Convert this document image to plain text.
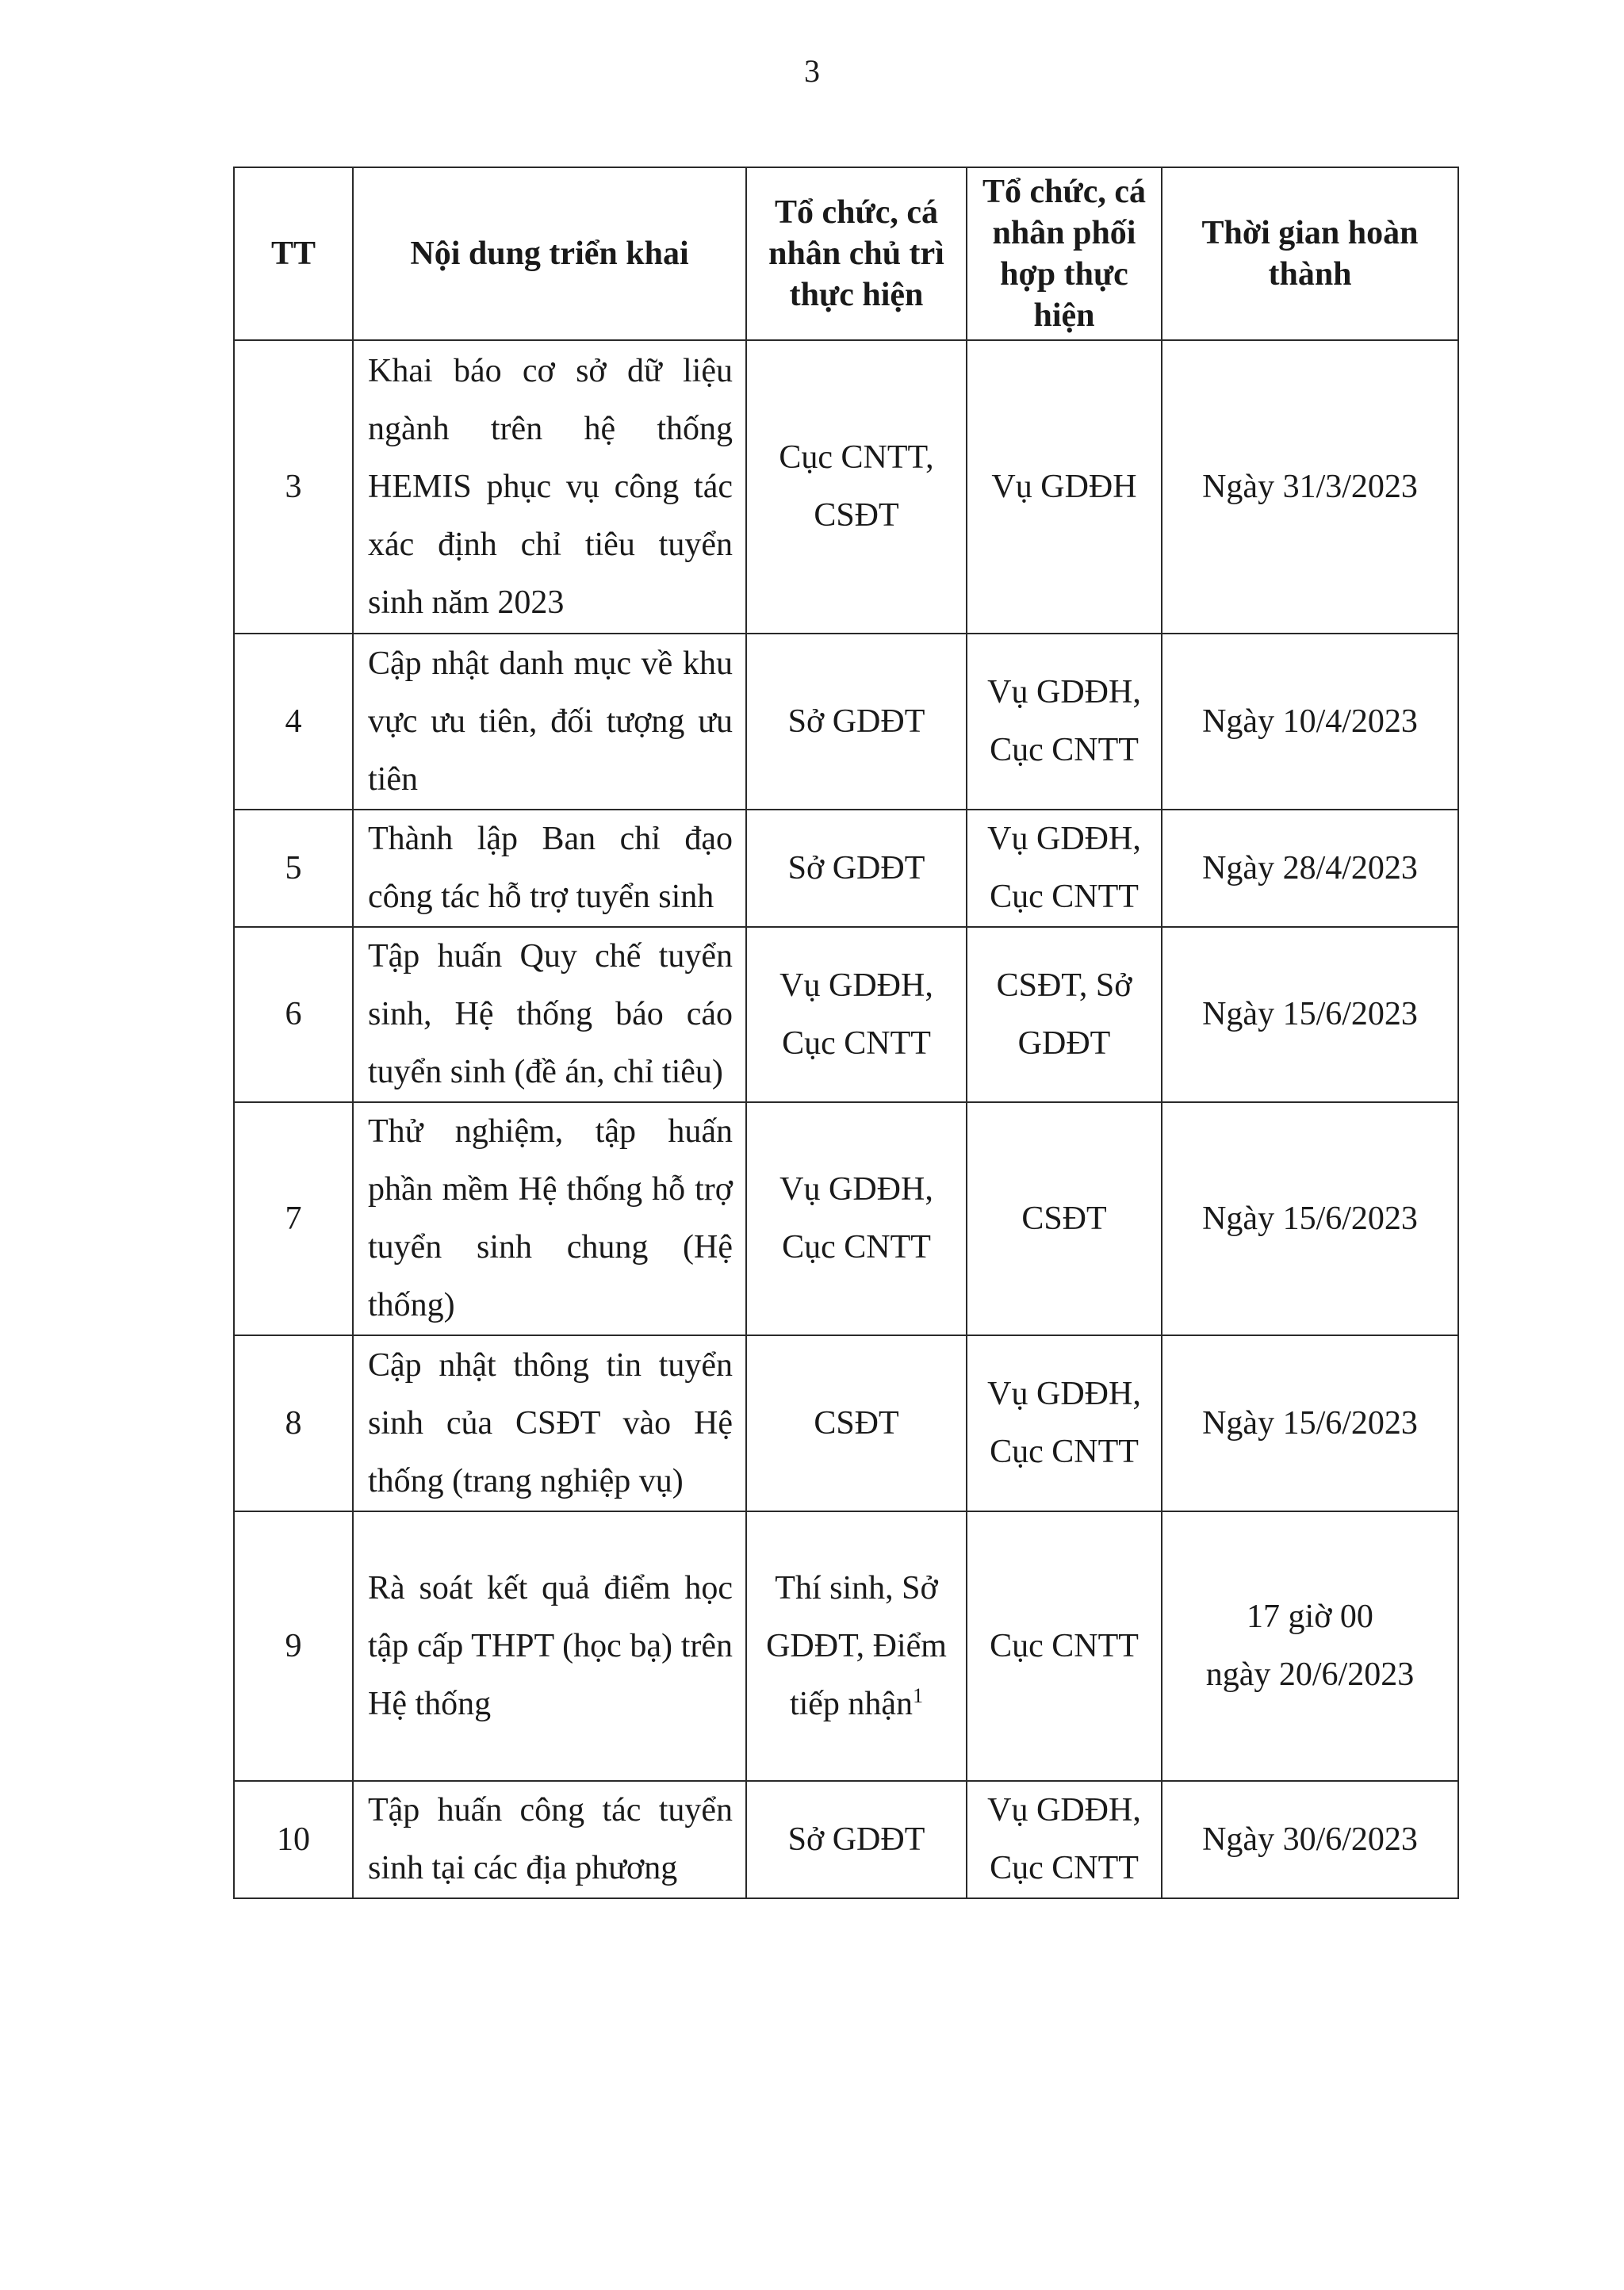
3
TT	Nội dung triển khai	Tổ chức, cá nhân chủ trì thực hiện	Tổ chức, cá nhân phối hợp thực hiện	Thời gian hoàn thành
3	Khai báo cơ sở dữ liệu ngành trên hệ thống HEMIS phục vụ công tác xác định chỉ tiêu tuyển sinh năm 2023	Cục CNTT, CSĐT	Vụ GDĐH	Ngày 31/3/2023
4	Cập nhật danh mục về khu vực ưu tiên, đối tượng ưu tiên	Sở GDĐT	Vụ GDĐH, Cục CNTT	Ngày 10/4/2023
5	Thành lập Ban chỉ đạo công tác hỗ trợ tuyển sinh	Sở GDĐT	Vụ GDĐH, Cục CNTT	Ngày 28/4/2023
6	Tập huấn Quy chế tuyển sinh, Hệ thống báo cáo tuyển sinh (đề án, chỉ tiêu)	Vụ GDĐH, Cục CNTT	CSĐT, Sở GDĐT	Ngày 15/6/2023
7	Thử nghiệm, tập huấn phần mềm Hệ thống hỗ trợ tuyển sinh chung (Hệ thống)	Vụ GDĐH, Cục CNTT	CSĐT	Ngày 15/6/2023
8	Cập nhật thông tin tuyển sinh của CSĐT vào Hệ thống (trang nghiệp vụ)	CSĐT	Vụ GDĐH, Cục CNTT	Ngày 15/6/2023
9	Rà soát kết quả điểm học tập cấp THPT (học bạ) trên Hệ thống	Thí sinh, Sở GDĐT, Điểm tiếp nhận$^1$	Cục CNTT	17 giờ 00
ngày 20/6/2023

10	Tập huấn công tác tuyển sinh tại các địa phương	Sở GDĐT	Vụ GDĐH, Cục CNTT	Ngày 30/6/2023
